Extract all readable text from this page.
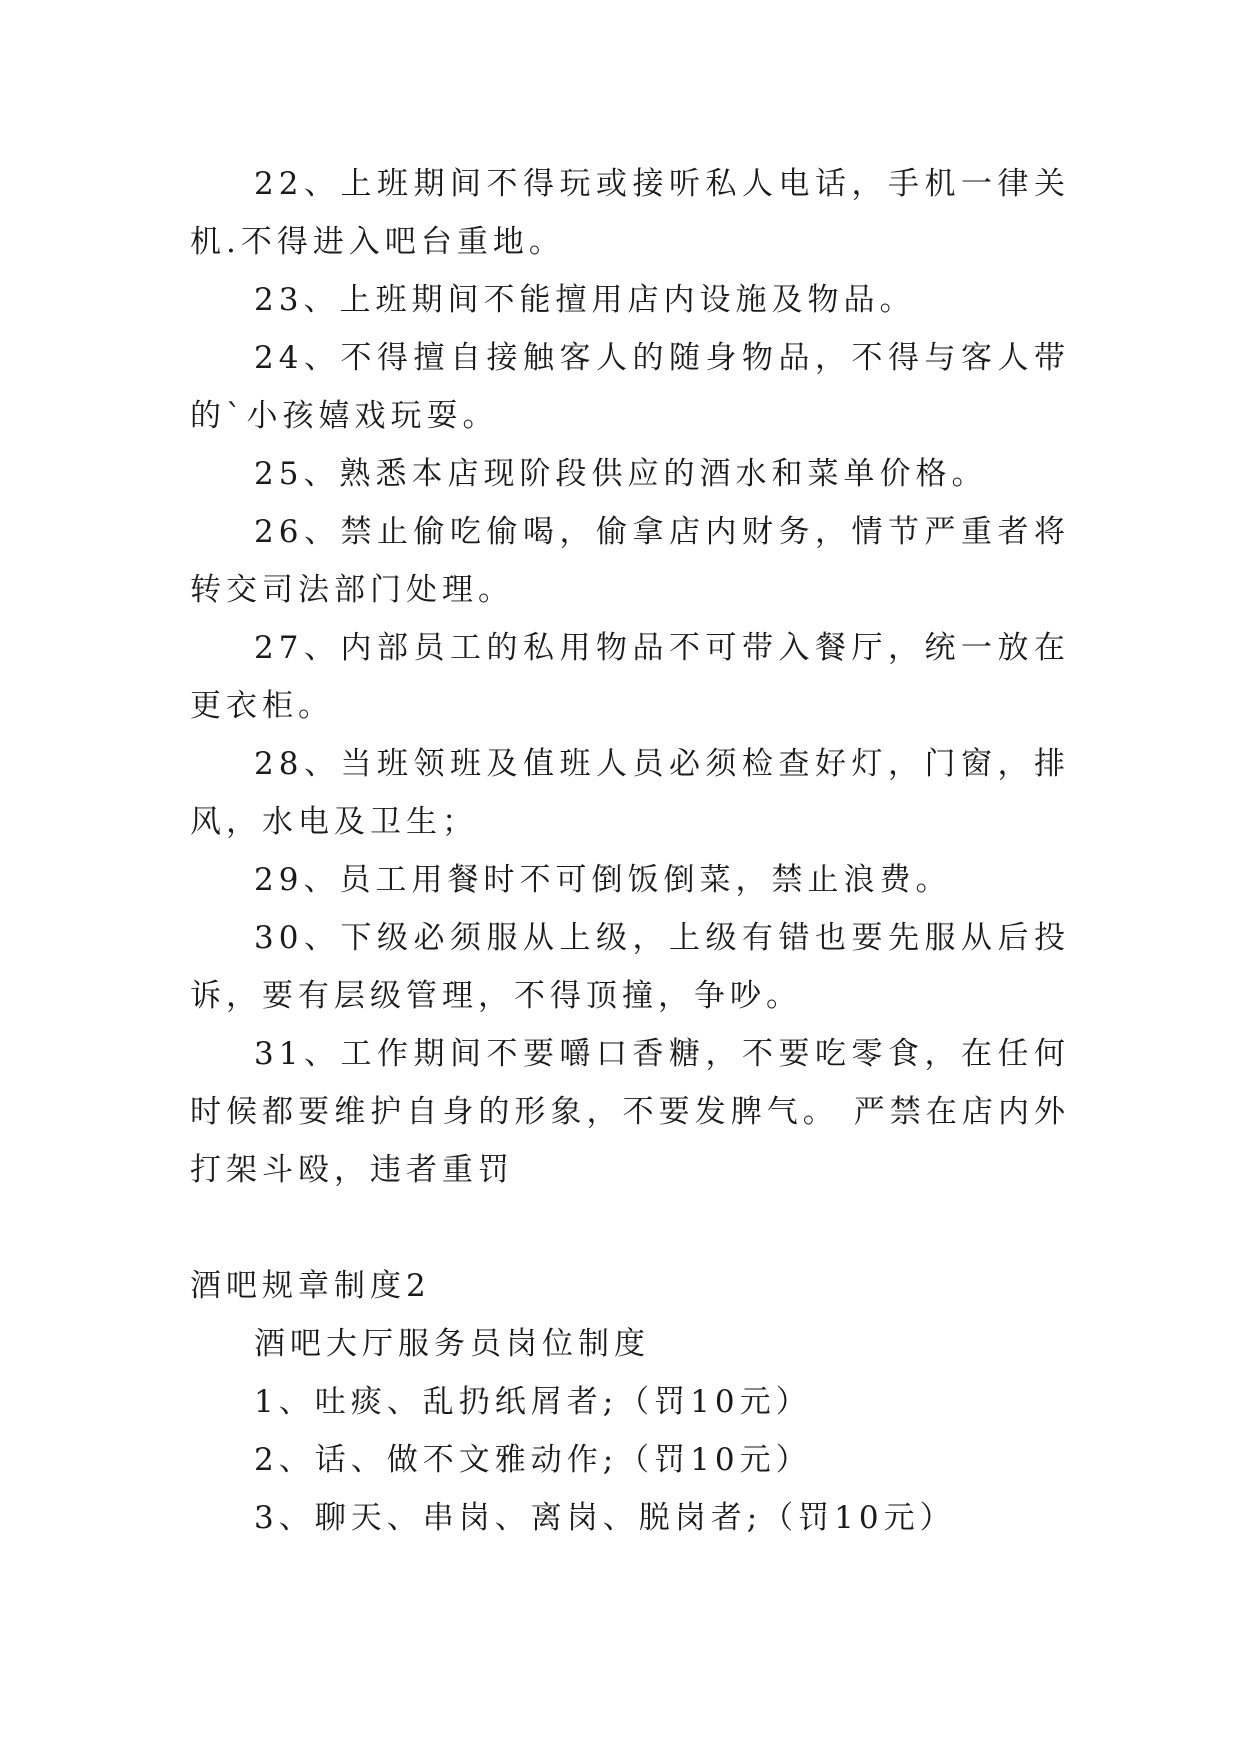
22、上班期间不得玩或接听私人电话，手机一律关机.不得进入吧台重地。

23、上班期间不能擅用店内设施及物品。

24、不得擅自接触客人的随身物品，不得与客人带的`小孩嬉戏玩耍。

25、熟悉本店现阶段供应的酒水和菜单价格。

26、禁止偷吃偷喝，偷拿店内财务，情节严重者将转交司法部门处理。

27、内部员工的私用物品不可带入餐厅，统一放在更衣柜。

28、当班领班及值班人员必须检查好灯，门窗，排风，水电及卫生；

29、员工用餐时不可倒饭倒菜，禁止浪费。

30、下级必须服从上级，上级有错也要先服从后投诉，要有层级管理，不得顶撞，争吵。

31、工作期间不要嚼口香糖，不要吃零食，在任何时候都要维护自身的形象，不要发脾气。 严禁在店内外打架斗殴，违者重罚

酒吧规章制度2

酒吧大厅服务员岗位制度

1、吐痰、乱扔纸屑者;（罚10元）

2、话、做不文雅动作;（罚10元）

3、聊天、串岗、离岗、脱岗者;（罚10元）
